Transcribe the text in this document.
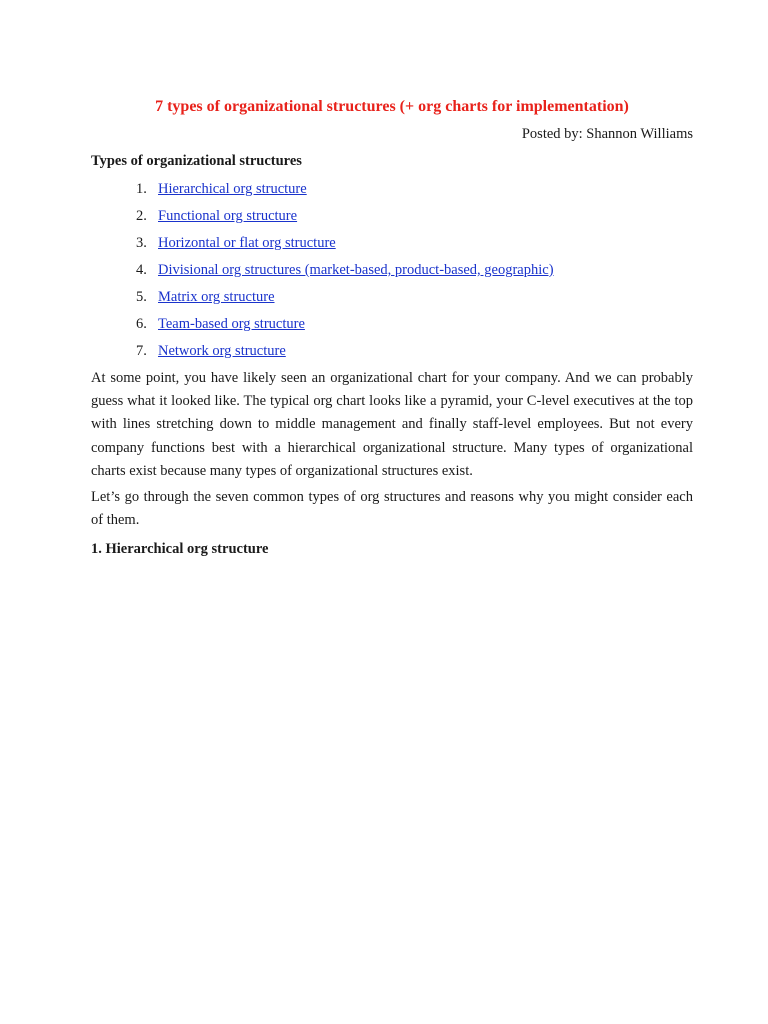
7 types of organizational structures (+ org charts for implementation)
Posted by: Shannon Williams
Types of organizational structures
1. Hierarchical org structure
2. Functional org structure
3. Horizontal or flat org structure
4. Divisional org structures (market-based, product-based, geographic)
5. Matrix org structure
6. Team-based org structure
7. Network org structure

At some point, you have likely seen an organizational chart for your company. And we can probably guess what it looked like. The typical org chart looks like a pyramid, your C-level executives at the top with lines stretching down to middle management and finally staff-level employees. But not every company functions best with a hierarchical organizational structure. Many types of organizational charts exist because many types of organizational structures exist.

Let’s go through the seven common types of org structures and reasons why you might consider each of them.

1. Hierarchical org structure
